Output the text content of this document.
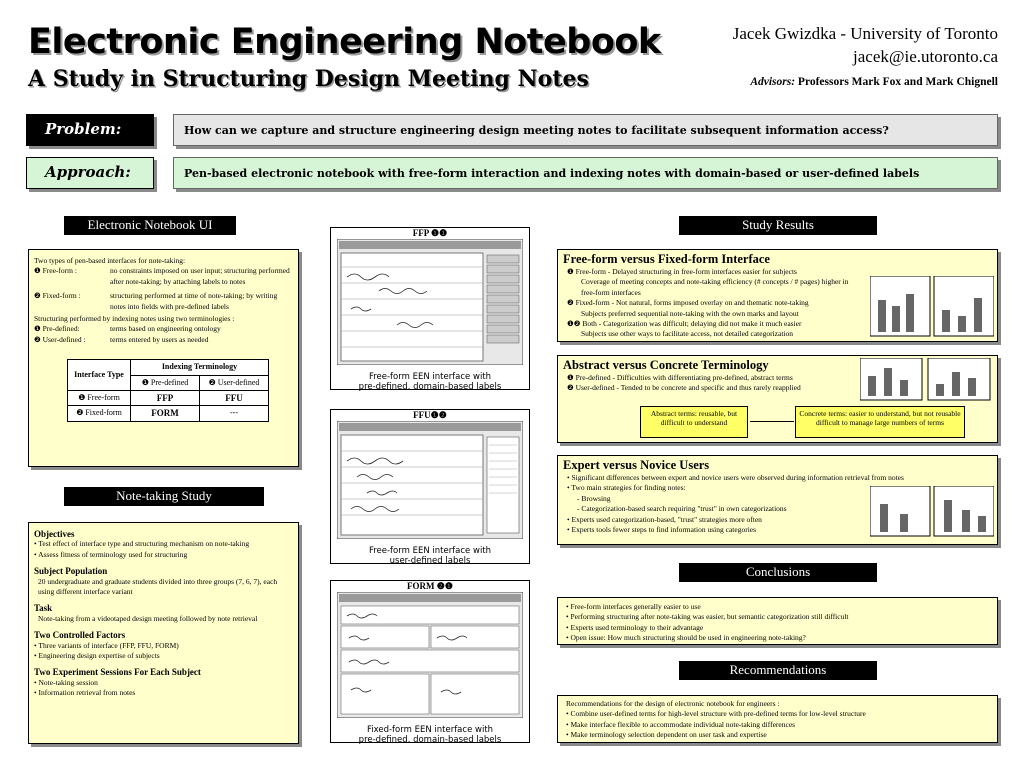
Electronic Engineering Notebook
A Study in Structuring Design Meeting Notes
Jacek Gwizdka - University of Toronto
jacek@ie.utoronto.ca
Advisors: Professors Mark Fox and Mark Chignell
Problem:	How can we capture and structure engineering design meeting notes to facilitate subsequent information access?
Approach:	Pen-based electronic notebook with free-form interaction and indexing notes with domain-based or user-defined labels
Electronic Notebook UI
Two types of pen-based interfaces for note-taking:
❶ Free-form :	no constraints imposed on user input; structuring performed after note-taking; by attaching labels to notes
❷ Fixed-form :	structuring performed at time of note-taking; by writing notes into fields with pre-defined labels
Structuring performed by indexing notes using two terminologies :
❶ Pre-defined:	terms based on engineering ontology
❷ User-defined :	terms entered by users as needed
Interface Type	Indexing Terminology	
	❶ Pre-defined	❷ User-defined
❶ Free-form	FFP	FFU
❷ Fixed-form	FORM	---
Note-taking Study
Objectives
• Test effect of interface type and structuring mechanism on note-taking
• Assess fitness of terminology used for structuring
Subject Population
20 undergraduate and graduate students divided into three groups (7, 6, 7), each using different interface variant
Task
Note-taking from a videotaped design meeting followed by note retrieval
Two Controlled Factors
• Three variants of interface (FFP, FFU, FORM)
• Engineering design expertise of subjects
Two Experiment Sessions For Each Subject
• Note-taking session
• Information retrieval from notes
FFP ❶❶
Free-form EEN interface with
pre-defined, domain-based labels
FFU❶❷
Free-form EEN interface with
user-defined labels
FORM ❷❶
Fixed-form EEN interface with
pre-defined, domain-based labels
Study Results
Free-form versus Fixed-form Interface
❶ Free-form - Delayed structuring in free-form interfaces easier for subjects
Coverage of meeting concepts and note-taking efficiency (# concepts / # pages) higher in free-form interfaces
❷ Fixed-form - Not natural, forms imposed overlay on and thematic note-taking
Subjects preferred sequential note-taking with the own marks and layout
❶❷ Both - Categorization was difficult; delaying did not make it much easier
Subjects use other ways to facilitate access, not detailed categorization
Abstract versus Concrete Terminology
❶ Pre-defined - Difficulties with differentiating pre-defined, abstract terms
❷ User-defined - Tended to be concrete and specific and thus rarely reapplied
Abstract terms: reusable, but difficult to understand
Concrete terms: easier to understand, but not reusable difficult to manage large numbers of terms
Expert versus Novice Users
• Significant differences between expert and novice users were observed during information retrieval from notes
• Two main strategies for finding notes:
- Browsing
- Categorization-based search requiring "trust" in own categorizations
• Experts used categorization-based, "trust" strategies more often
• Experts tools fewer steps to find information using categories
Conclusions
• Free-form interfaces generally easier to use
• Performing structuring after note-taking was easier, but semantic categorization still difficult
• Experts used terminology to their advantage
• Open issue: How much structuring should be used in engineering note-taking?
Recommendations
Recommendations for the design of electronic notebook for engineers :
• Combine user-defined terms for high-level structure with pre-defined terms for low-level structure
• Make interface flexible to accommodate individual note-taking differences
• Make terminology selection dependent on user task and expertise
